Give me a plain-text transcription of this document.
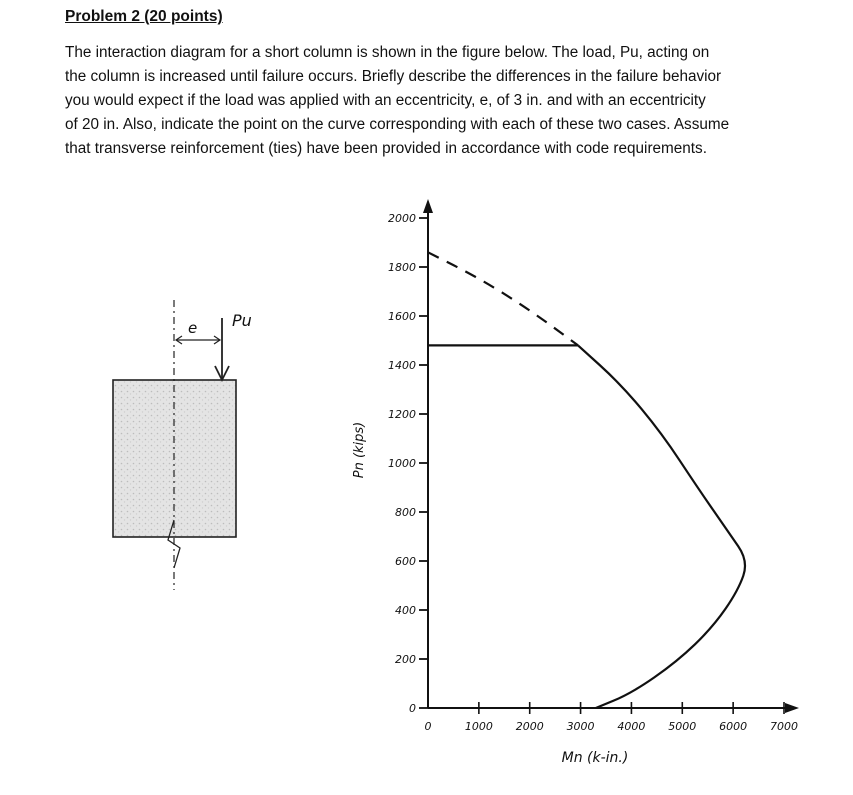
Problem 2 (20 points)

The interaction diagram for a short column is shown in the figure below. The load, Pu, acting on

the column is increased until failure occurs. Briefly describe the differences in the failure behavior

you would expect if the load was applied with an eccentricity, e, of 3 in. and with an eccentricity

of 20 in. Also, indicate the point on the curve corresponding with each of these two cases. Assume

that transverse reinforcement (ties) have been provided in accordance with code requirements.

e Pu
0
200
400
600
800
1000
1200
1400
1600
1800
2000
0	1000 2000 3000 4000 5000 6000 7000
Mn (k-in.)
Pn (kips)
